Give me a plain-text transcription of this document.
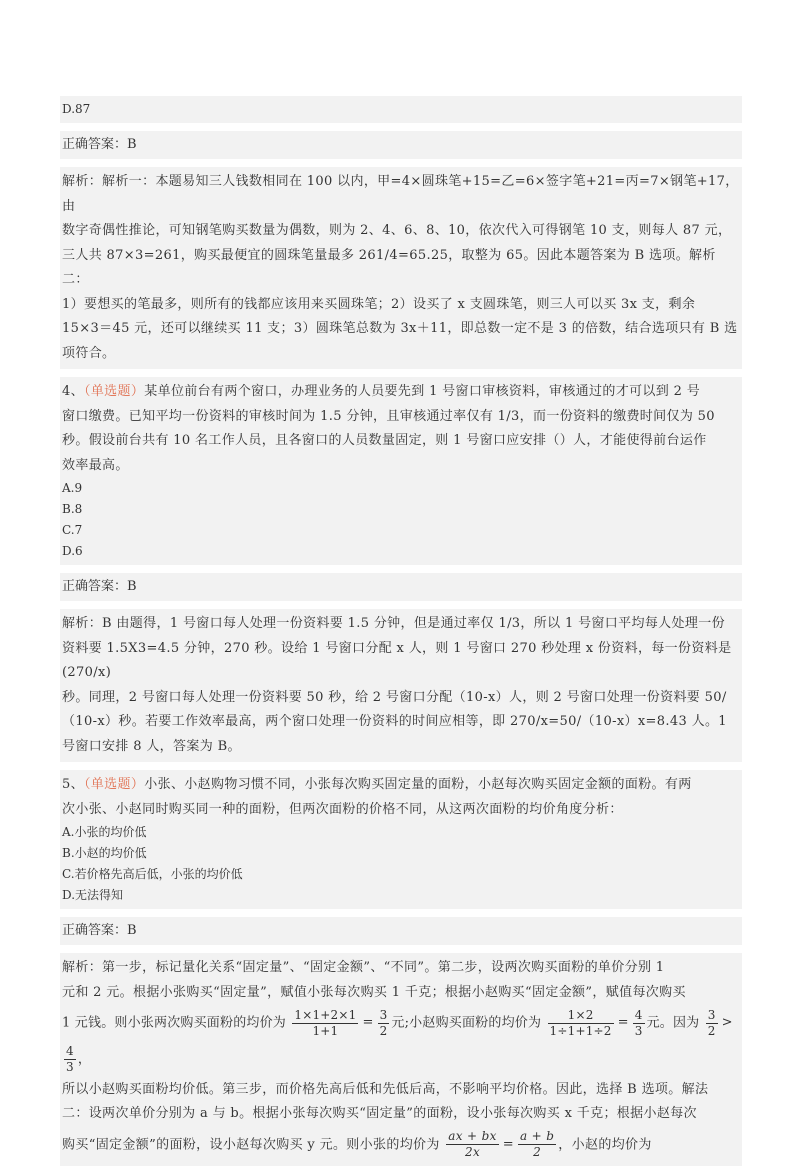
D.87
正确答案：B
解析：解析一：本题易知三人钱数相同在 100 以内，甲=4×圆珠笔+15=乙=6×签字笔+21=丙=7×钢笔+17，由
数字奇偶性推论，可知钢笔购买数量为偶数，则为 2、4、6、8、10，依次代入可得钢笔 10 支，则每人 87 元，
三人共 87×3=261，购买最便宜的圆珠笔量最多 261/4=65.25，取整为 65。因此本题答案为 B 选项。解析二：
1）要想买的笔最多，则所有的钱都应该用来买圆珠笔；2）设买了 x 支圆珠笔，则三人可以买 3x 支，剩余
15×3＝45 元，还可以继续买 11 支；3）圆珠笔总数为 3x＋11，即总数一定不是 3 的倍数，结合选项只有 B 选
项符合。
4、（单选题）某单位前台有两个窗口，办理业务的人员要先到 1 号窗口审核资料，审核通过的才可以到 2 号
窗口缴费。已知平均一份资料的审核时间为 1.5 分钟，且审核通过率仅有 1/3，而一份资料的缴费时间仅为 50
秒。假设前台共有 10 名工作人员，且各窗口的人员数量固定，则 1 号窗口应安排（）人，才能使得前台运作
效率最高。
A.9
B.8
C.7
D.6
正确答案：B
解析：B 由题得，1 号窗口每人处理一份资料要 1.5 分钟，但是通过率仅 1/3，所以 1 号窗口平均每人处理一份
资料要 1.5X3=4.5 分钟，270 秒。设给 1 号窗口分配 x 人，则 1 号窗口 270 秒处理 x 份资料，每一份资料是(270/x)
秒。同理，2 号窗口每人处理一份资料要 50 秒，给 2 号窗口分配（10-x）人，则 2 号窗口处理一份资料要 50/
（10-x）秒。若要工作效率最高，两个窗口处理一份资料的时间应相等，即 270/x=50/（10-x）x=8.43 人。1
号窗口安排 8 人，答案为 B。
5、（单选题）小张、小赵购物习惯不同，小张每次购买固定量的面粉，小赵每次购买固定金额的面粉。有两
次小张、小赵同时购买同一种的面粉，但两次面粉的价格不同，从这两次面粉的均价角度分析：
A.小张的均价低
B.小赵的均价低
C.若价格先高后低，小张的均价低
D.无法得知
正确答案：B
解析：第一步，标记量化关系“固定量”、“固定金额”、“不同”。第二步，设两次购买面粉的单价分别 1
元和 2 元。根据小张购买“固定量”，赋值小张每次购买 1 千克；根据小赵购买“固定金额”，赋值每次购买
1 元钱。则小张两次购买面粉的均价为 $\frac{1\times 1+2\times 1}{1+1} = \frac{3}{2}$ 元;小赵购买面粉的均价为 $\frac{1\times 2}{1\div 1+1\div 2} = \frac{4}{3}$ 元。因为 $\frac{3}{2}$ >
$\frac{4}{3}$ ，
所以小赵购买面粉均价低。第三步，而价格先高后低和先低后高，不影响平均价格。因此，选择 B 选项。解法
二：设两次单价分别为 a 与 b。根据小张每次购买“固定量”的面粉，设小张每次购买 x 千克；根据小赵每次
购买“固定金额”的面粉，设小赵每次购买 y 元。则小张的均价为 $\frac{ax + bx}{2x} = \frac{a + b}{2}$ ，小赵的均价为
